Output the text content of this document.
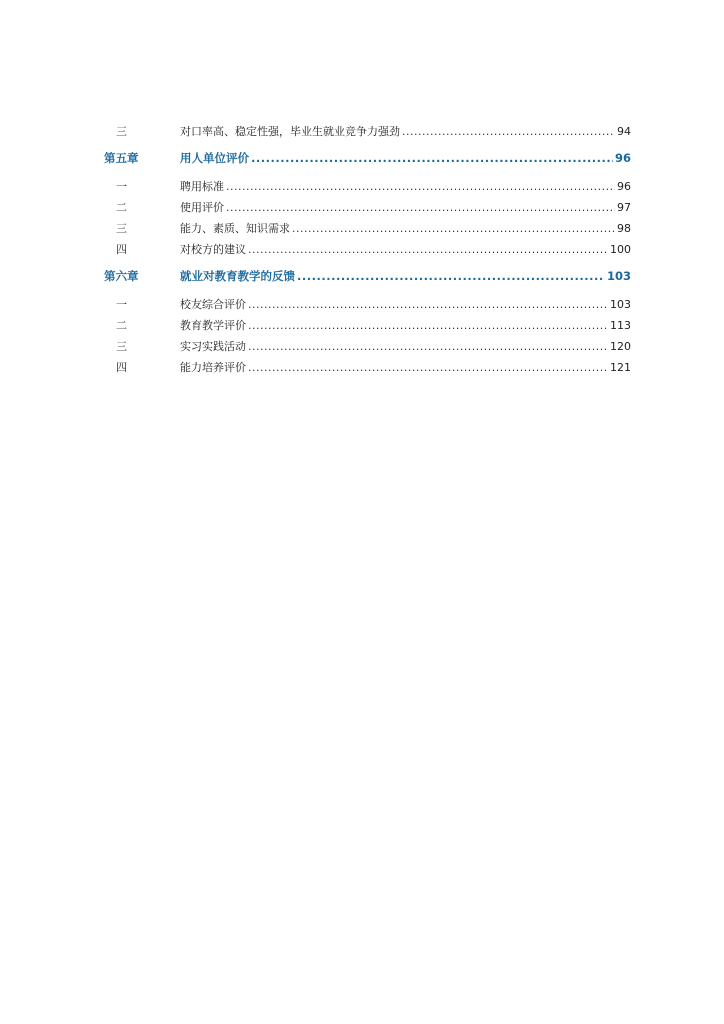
三	对口率高、稳定性强，毕业生就业竞争力强劲 .....	94
第五章	用人单位评价 .....	96
一	聘用标准 .....	96
二	使用评价 .....	97
三	能力、素质、知识需求 .....	98
四	对校方的建议 .....	100
第六章	就业对教育教学的反馈 .....	103
一	校友综合评价 .....	103
二	教育教学评价 .....	113
三	实习实践活动 .....	120
四	能力培养评价 .....	121
